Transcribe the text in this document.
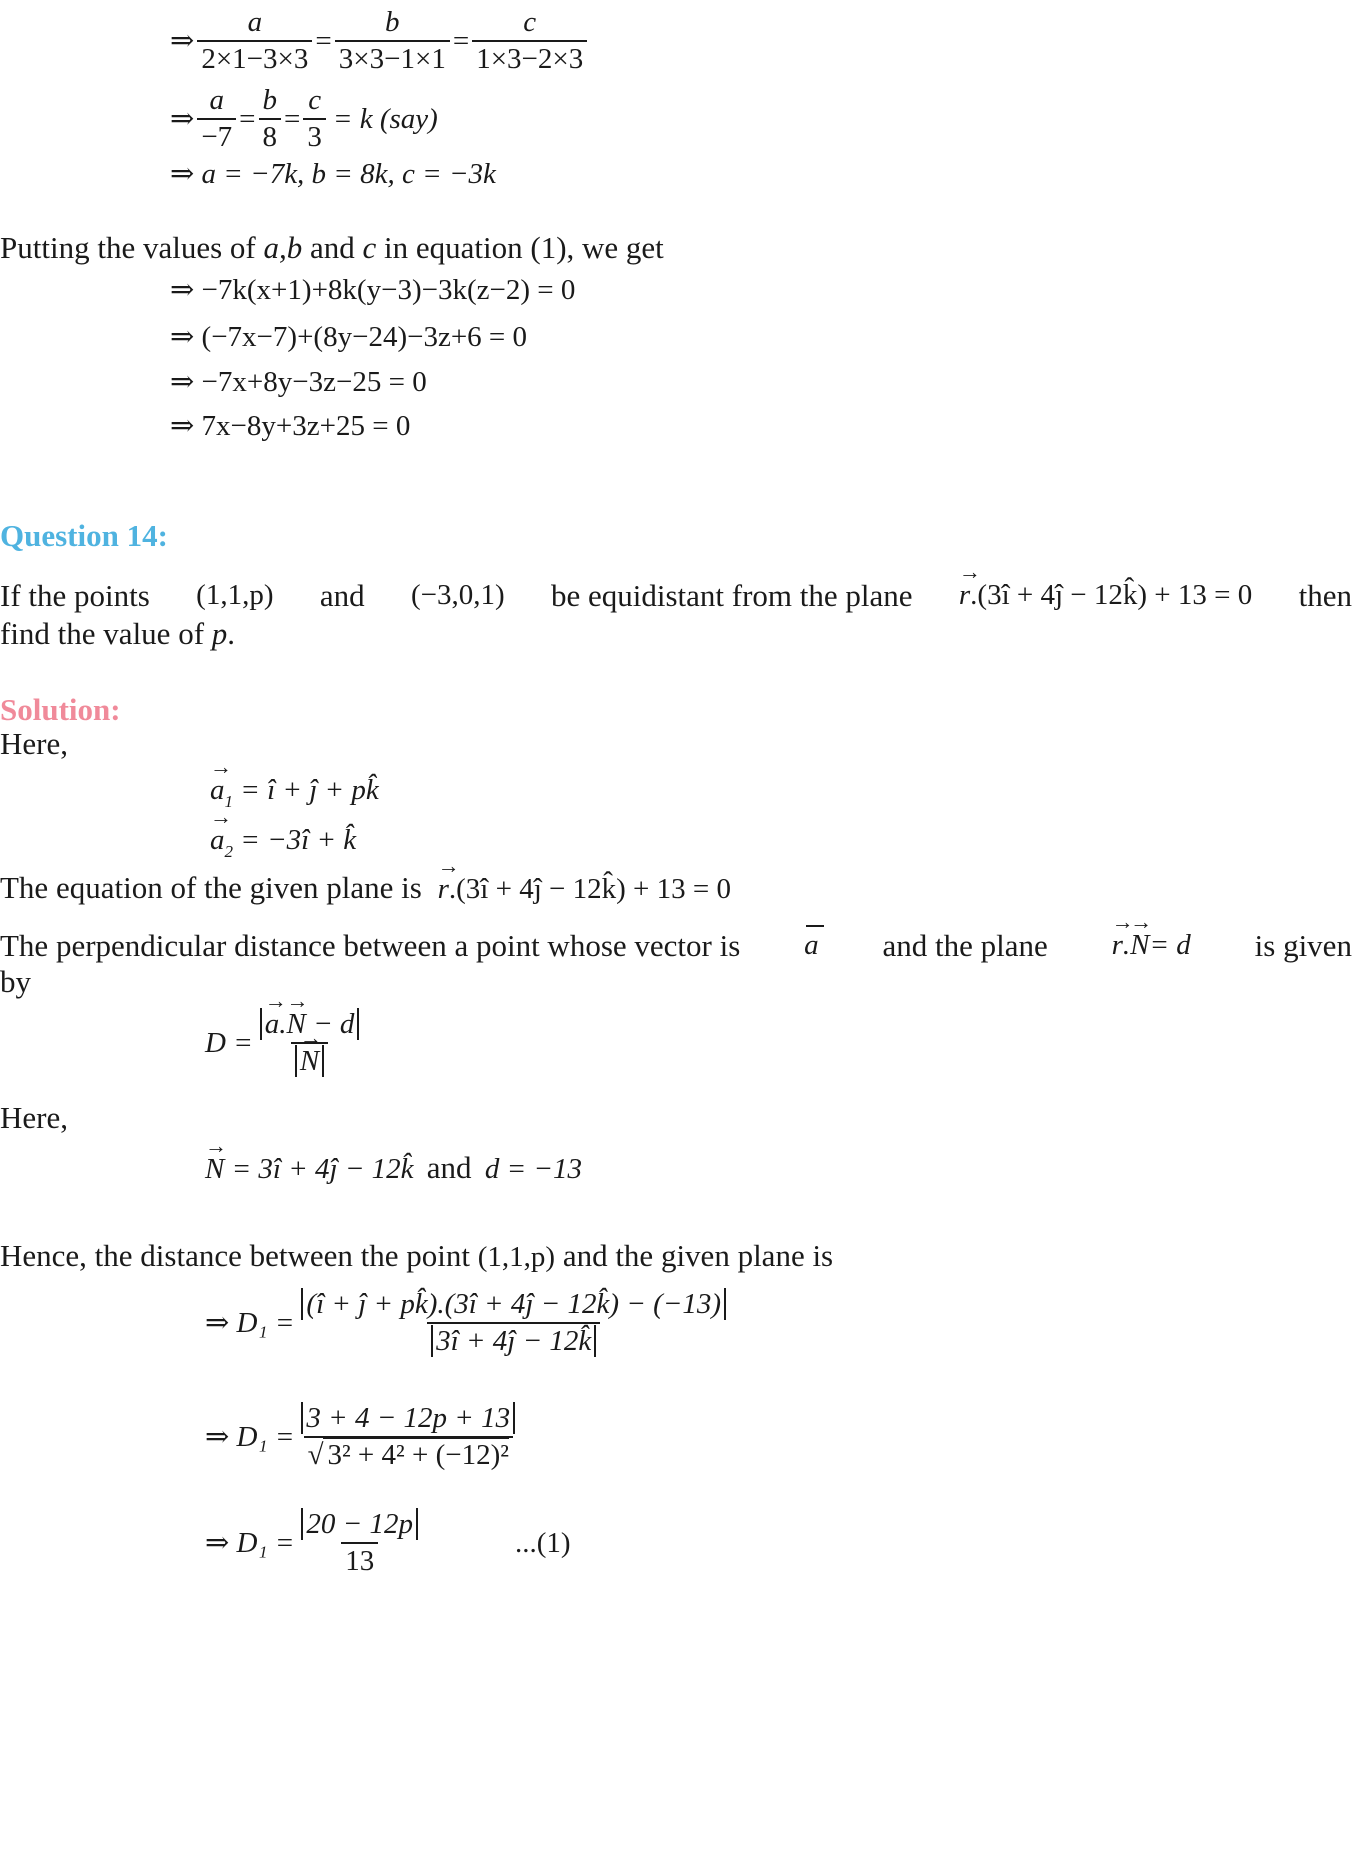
⇒ $\frac{a}{2\times 1-3\times 3} = \frac{b}{3\times 3-1\times 1} = \frac{c}{1\times 3-2\times 3}$
⇒ $\frac{a}{-7} = \frac{b}{8} = \frac{c}{3} = k$ (say)
⇒ a = −7k, b = 8k, c = −3k
Putting the values of a,b and c in equation (1), we get
⇒ −7k(x+1)+8k(y−3)−3k(z−2) = 0
⇒ (−7x−7)+(8y−24)−3z+6 = 0
⇒ −7x+8y−3z−25 = 0
⇒ 7x−8y+3z+25 = 0
Question 14:
If the points (1,1,p) and (−3,0,1) be equidistant from the plane → r.(3î + 4ĵ − 12k̂) + 13 = 0 then
find the value of p.
Solution:
Here,
→ $a_1$ = î + ĵ + pk̂
→ $a_2$ = −3î + k̂
The equation of the given plane is → r.(3î + 4ĵ − 12k̂) + 13 = 0
The perpendicular distance between a point whose vector is a and the plane → r.→ N= d is given
by
D = → a.→ N − d
→ N
Here,
→ N = 3î + 4ĵ − 12k̂ and d = −13
Hence, the distance between the point (1,1,p) and the given plane is
⇒ $D_1 = \frac{(î + ĵ + pk̂).(3î + 4ĵ - 12k̂) - (-13)}{3î + 4ĵ - 12k̂}$
⇒ $D_1 = \frac{3 + 4 - 12p + 13}{\text{√ 3² + 4² + (−12)²}}$
⇒ $D_1 = \frac{20 - 12p}{13}$	...(1)
